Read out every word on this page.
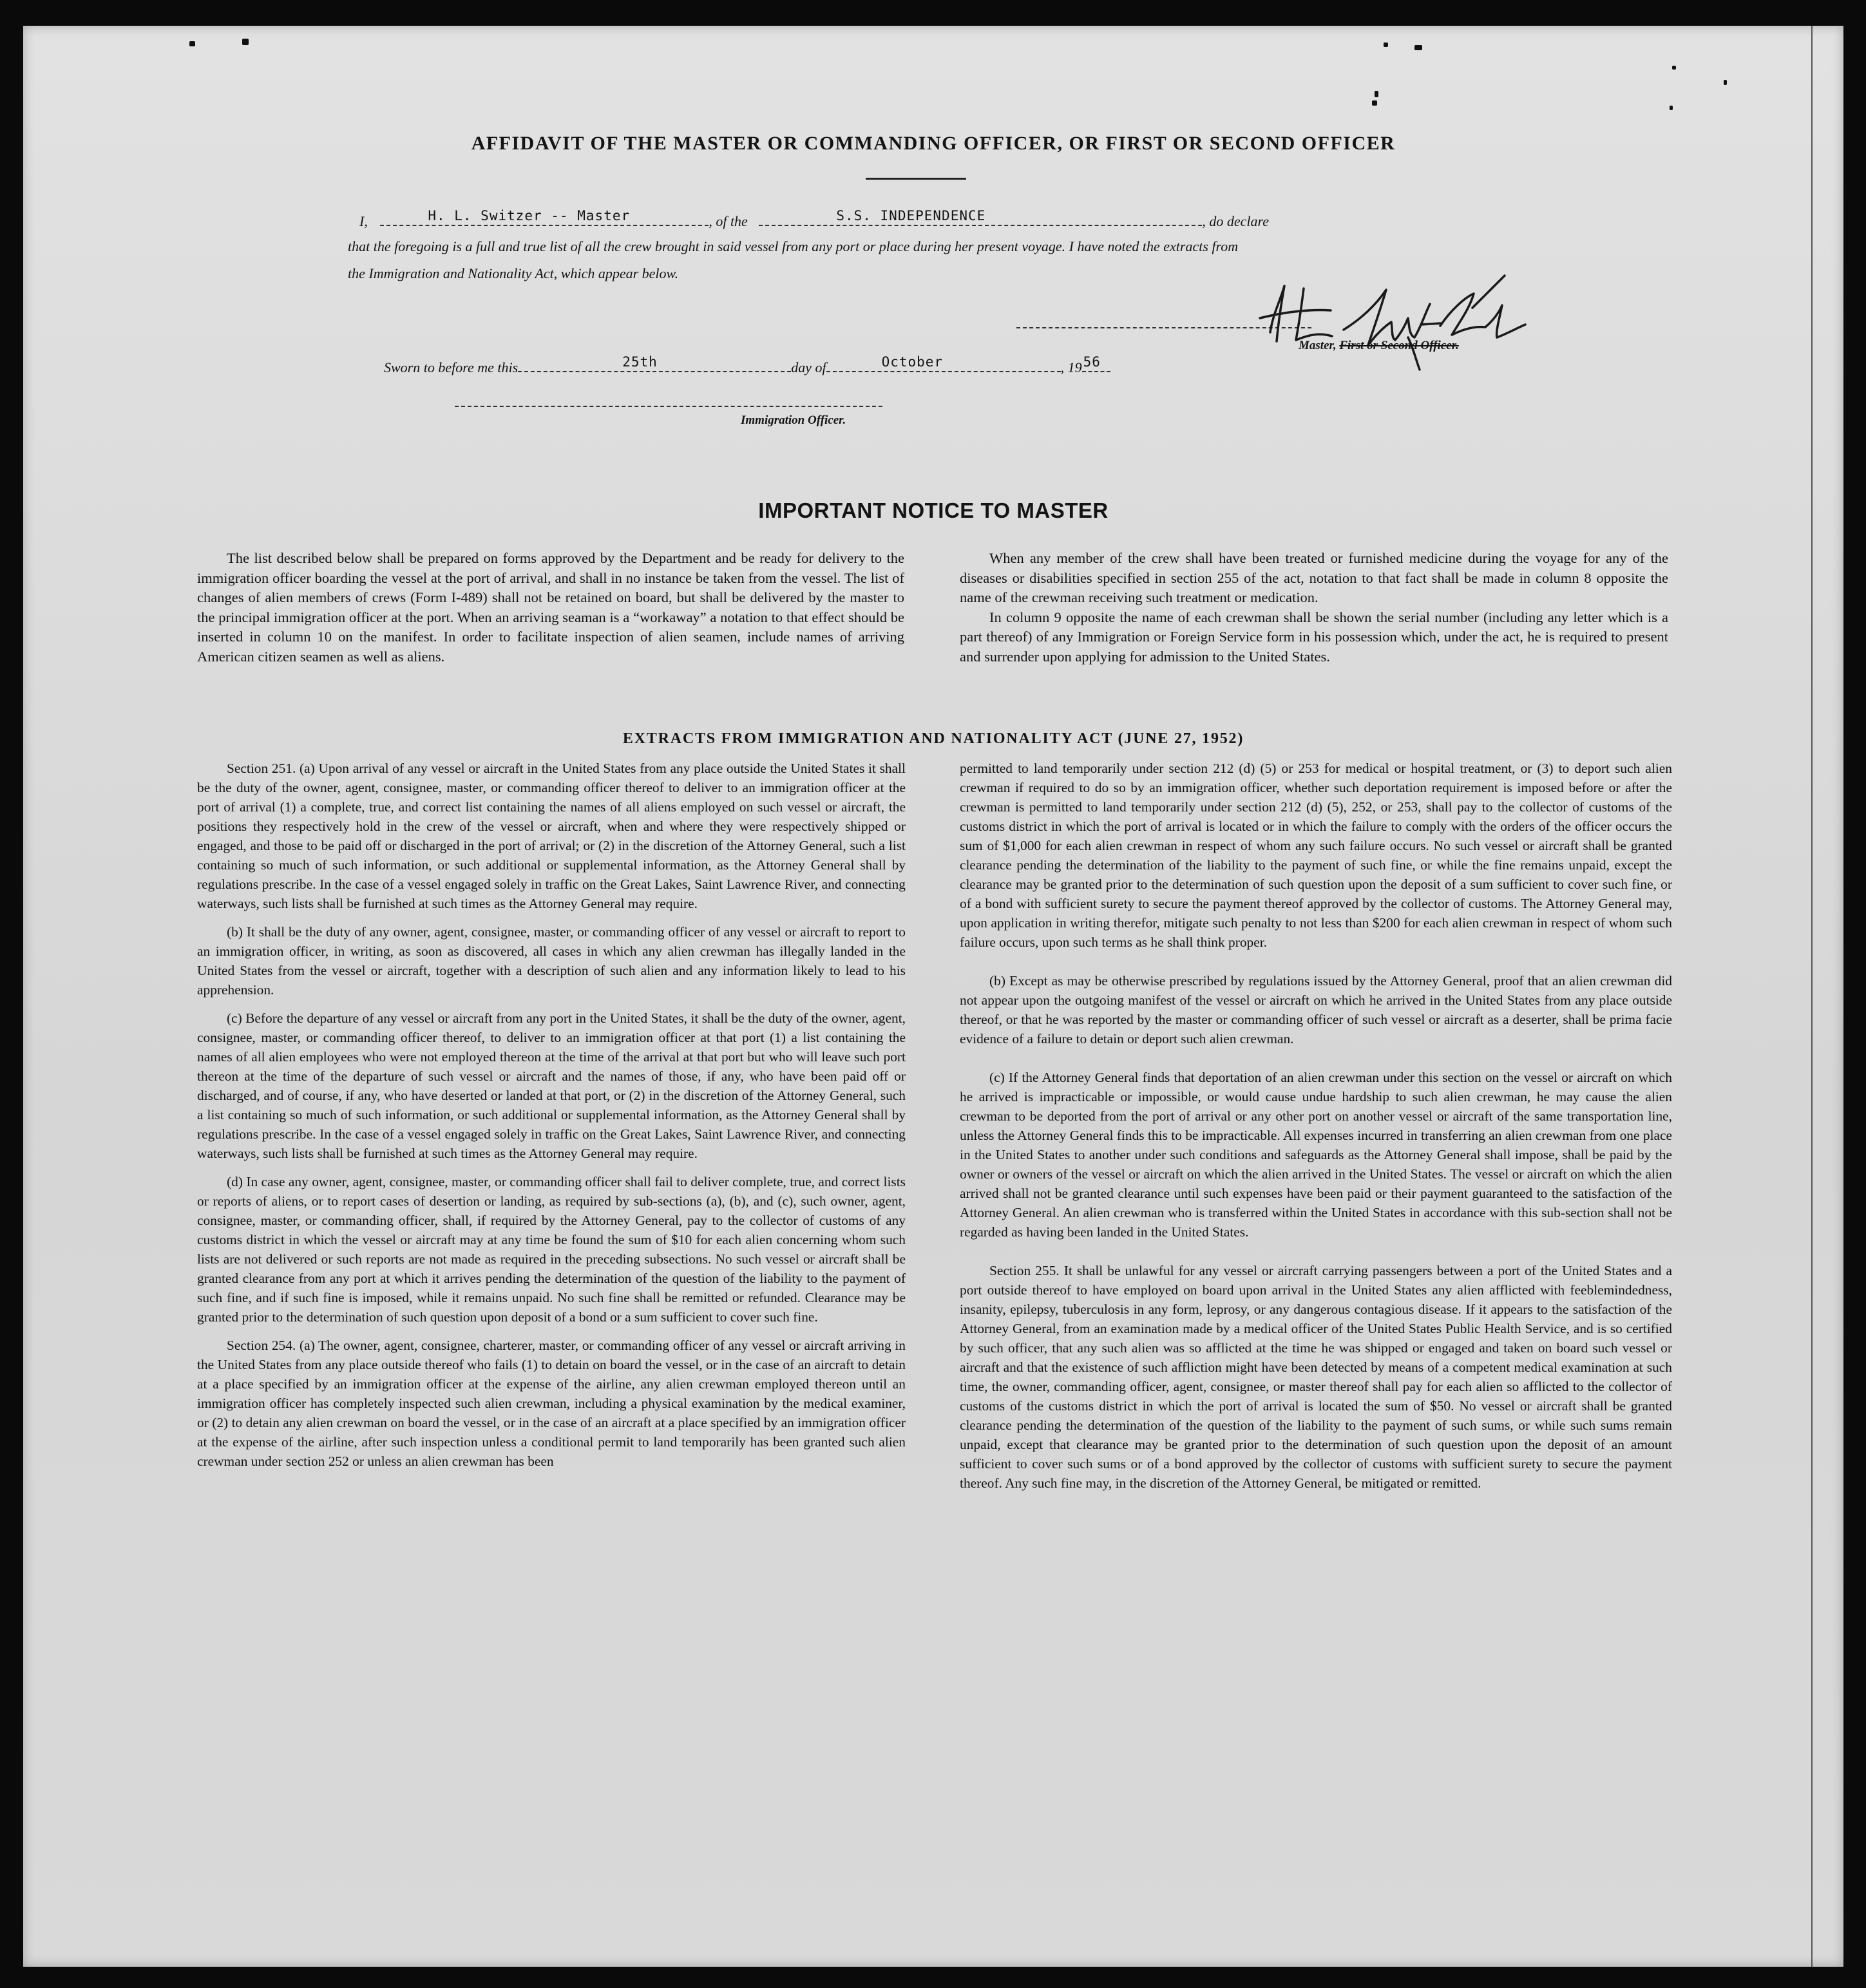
AFFIDAVIT OF THE MASTER OR COMMANDING OFFICER, OR FIRST OR SECOND OFFICER
I,	H. L. Switzer -- Master	, of the	S.S. INDEPENDENCE	, do declare
that the foregoing is a full and true list of all the crew brought in said vessel from any port or place during her present voyage. I have noted the extracts from
the Immigration and Nationality Act, which appear below.
Master, First or Second Officer.
Sworn to before me this	25th	day of	October	, 19 56
Immigration Officer.
IMPORTANT NOTICE TO MASTER

The list described below shall be prepared on forms approved by the Department and be ready for delivery to the immigration officer boarding the vessel at the port of arrival, and shall in no instance be taken from the vessel. The list of changes of alien members of crews (Form I-489) shall not be retained on board, but shall be delivered by the master to the principal immigration officer at the port. When an arriving seaman is a “workaway” a notation to that effect should be inserted in column 10 on the manifest. In order to facilitate inspection of alien seamen, include names of arriving American citizen seamen as well as aliens.

When any member of the crew shall have been treated or furnished medicine during the voyage for any of the diseases or disabilities specified in section 255 of the act, notation to that fact shall be made in column 8 opposite the name of the crewman receiving such treatment or medication.

In column 9 opposite the name of each crewman shall be shown the serial number (including any letter which is a part thereof) of any Immigration or Foreign Service form in his possession which, under the act, he is required to present and surrender upon applying for admission to the United States.

EXTRACTS FROM IMMIGRATION AND NATIONALITY ACT (JUNE 27, 1952)

Section 251. (a) Upon arrival of any vessel or aircraft in the United States from any place outside the United States it shall be the duty of the owner, agent, consignee, master, or commanding officer thereof to deliver to an immigration officer at the port of arrival (1) a complete, true, and correct list containing the names of all aliens employed on such vessel or aircraft, the positions they respectively hold in the crew of the vessel or aircraft, when and where they were respectively shipped or engaged, and those to be paid off or discharged in the port of arrival; or (2) in the discretion of the Attorney General, such a list containing so much of such information, or such additional or supplemental information, as the Attorney General shall by regulations prescribe. In the case of a vessel engaged solely in traffic on the Great Lakes, Saint Lawrence River, and connecting waterways, such lists shall be furnished at such times as the Attorney General may require.

(b) It shall be the duty of any owner, agent, consignee, master, or commanding officer of any vessel or aircraft to report to an immigration officer, in writing, as soon as discovered, all cases in which any alien crewman has illegally landed in the United States from the vessel or aircraft, together with a description of such alien and any information likely to lead to his apprehension.

(c) Before the departure of any vessel or aircraft from any port in the United States, it shall be the duty of the owner, agent, consignee, master, or commanding officer thereof, to deliver to an immigration officer at that port (1) a list containing the names of all alien employees who were not employed thereon at the time of the arrival at that port but who will leave such port thereon at the time of the departure of such vessel or aircraft and the names of those, if any, who have been paid off or discharged, and of course, if any, who have deserted or landed at that port, or (2) in the discretion of the Attorney General, such a list containing so much of such information, or such additional or supplemental information, as the Attorney General shall by regulations prescribe. In the case of a vessel engaged solely in traffic on the Great Lakes, Saint Lawrence River, and connecting waterways, such lists shall be furnished at such times as the Attorney General may require.

(d) In case any owner, agent, consignee, master, or commanding officer shall fail to deliver complete, true, and correct lists or reports of aliens, or to report cases of desertion or landing, as required by sub-sections (a), (b), and (c), such owner, agent, consignee, master, or commanding officer, shall, if required by the Attorney General, pay to the collector of customs of any customs district in which the vessel or aircraft may at any time be found the sum of $10 for each alien concerning whom such lists are not delivered or such reports are not made as required in the preceding subsections. No such vessel or aircraft shall be granted clearance from any port at which it arrives pending the determination of the question of the liability to the payment of such fine, and if such fine is imposed, while it remains unpaid. No such fine shall be remitted or refunded. Clearance may be granted prior to the determination of such question upon deposit of a bond or a sum sufficient to cover such fine.

Section 254. (a) The owner, agent, consignee, charterer, master, or commanding officer of any vessel or aircraft arriving in the United States from any place outside thereof who fails (1) to detain on board the vessel, or in the case of an aircraft to detain at a place specified by an immigration officer at the expense of the airline, any alien crewman employed thereon until an immigration officer has completely inspected such alien crewman, including a physical examination by the medical examiner, or (2) to detain any alien crewman on board the vessel, or in the case of an aircraft at a place specified by an immigration officer at the expense of the airline, after such inspection unless a conditional permit to land temporarily has been granted such alien crewman under section 252 or unless an alien crewman has been

permitted to land temporarily under section 212 (d) (5) or 253 for medical or hospital treatment, or (3) to deport such alien crewman if required to do so by an immigration officer, whether such deportation requirement is imposed before or after the crewman is permitted to land temporarily under section 212 (d) (5), 252, or 253, shall pay to the collector of customs of the customs district in which the port of arrival is located or in which the failure to comply with the orders of the officer occurs the sum of $1,000 for each alien crewman in respect of whom any such failure occurs. No such vessel or aircraft shall be granted clearance pending the determination of the liability to the payment of such fine, or while the fine remains unpaid, except the clearance may be granted prior to the determination of such question upon the deposit of a sum sufficient to cover such fine, or of a bond with sufficient surety to secure the payment thereof approved by the collector of customs. The Attorney General may, upon application in writing therefor, mitigate such penalty to not less than $200 for each alien crewman in respect of whom such failure occurs, upon such terms as he shall think proper.

(b) Except as may be otherwise prescribed by regulations issued by the Attorney General, proof that an alien crewman did not appear upon the outgoing manifest of the vessel or aircraft on which he arrived in the United States from any place outside thereof, or that he was reported by the master or commanding officer of such vessel or aircraft as a deserter, shall be prima facie evidence of a failure to detain or deport such alien crewman.

(c) If the Attorney General finds that deportation of an alien crewman under this section on the vessel or aircraft on which he arrived is impracticable or impossible, or would cause undue hardship to such alien crewman, he may cause the alien crewman to be deported from the port of arrival or any other port on another vessel or aircraft of the same transportation line, unless the Attorney General finds this to be impracticable. All expenses incurred in transferring an alien crewman from one place in the United States to another under such conditions and safeguards as the Attorney General shall impose, shall be paid by the owner or owners of the vessel or aircraft on which the alien arrived in the United States. The vessel or aircraft on which the alien arrived shall not be granted clearance until such expenses have been paid or their payment guaranteed to the satisfaction of the Attorney General. An alien crewman who is transferred within the United States in accordance with this sub-section shall not be regarded as having been landed in the United States.

Section 255. It shall be unlawful for any vessel or aircraft carrying passengers between a port of the United States and a port outside thereof to have employed on board upon arrival in the United States any alien afflicted with feeblemindedness, insanity, epilepsy, tuberculosis in any form, leprosy, or any dangerous contagious disease. If it appears to the satisfaction of the Attorney General, from an examination made by a medical officer of the United States Public Health Service, and is so certified by such officer, that any such alien was so afflicted at the time he was shipped or engaged and taken on board such vessel or aircraft and that the existence of such affliction might have been detected by means of a competent medical examination at such time, the owner, commanding officer, agent, consignee, or master thereof shall pay for each alien so afflicted to the collector of customs of the customs district in which the port of arrival is located the sum of $50. No vessel or aircraft shall be granted clearance pending the determination of the question of the liability to the payment of such sums, or while such sums remain unpaid, except that clearance may be granted prior to the determination of such question upon the deposit of an amount sufficient to cover such sums or of a bond approved by the collector of customs with sufficient surety to secure the payment thereof. Any such fine may, in the discretion of the Attorney General, be mitigated or remitted.
